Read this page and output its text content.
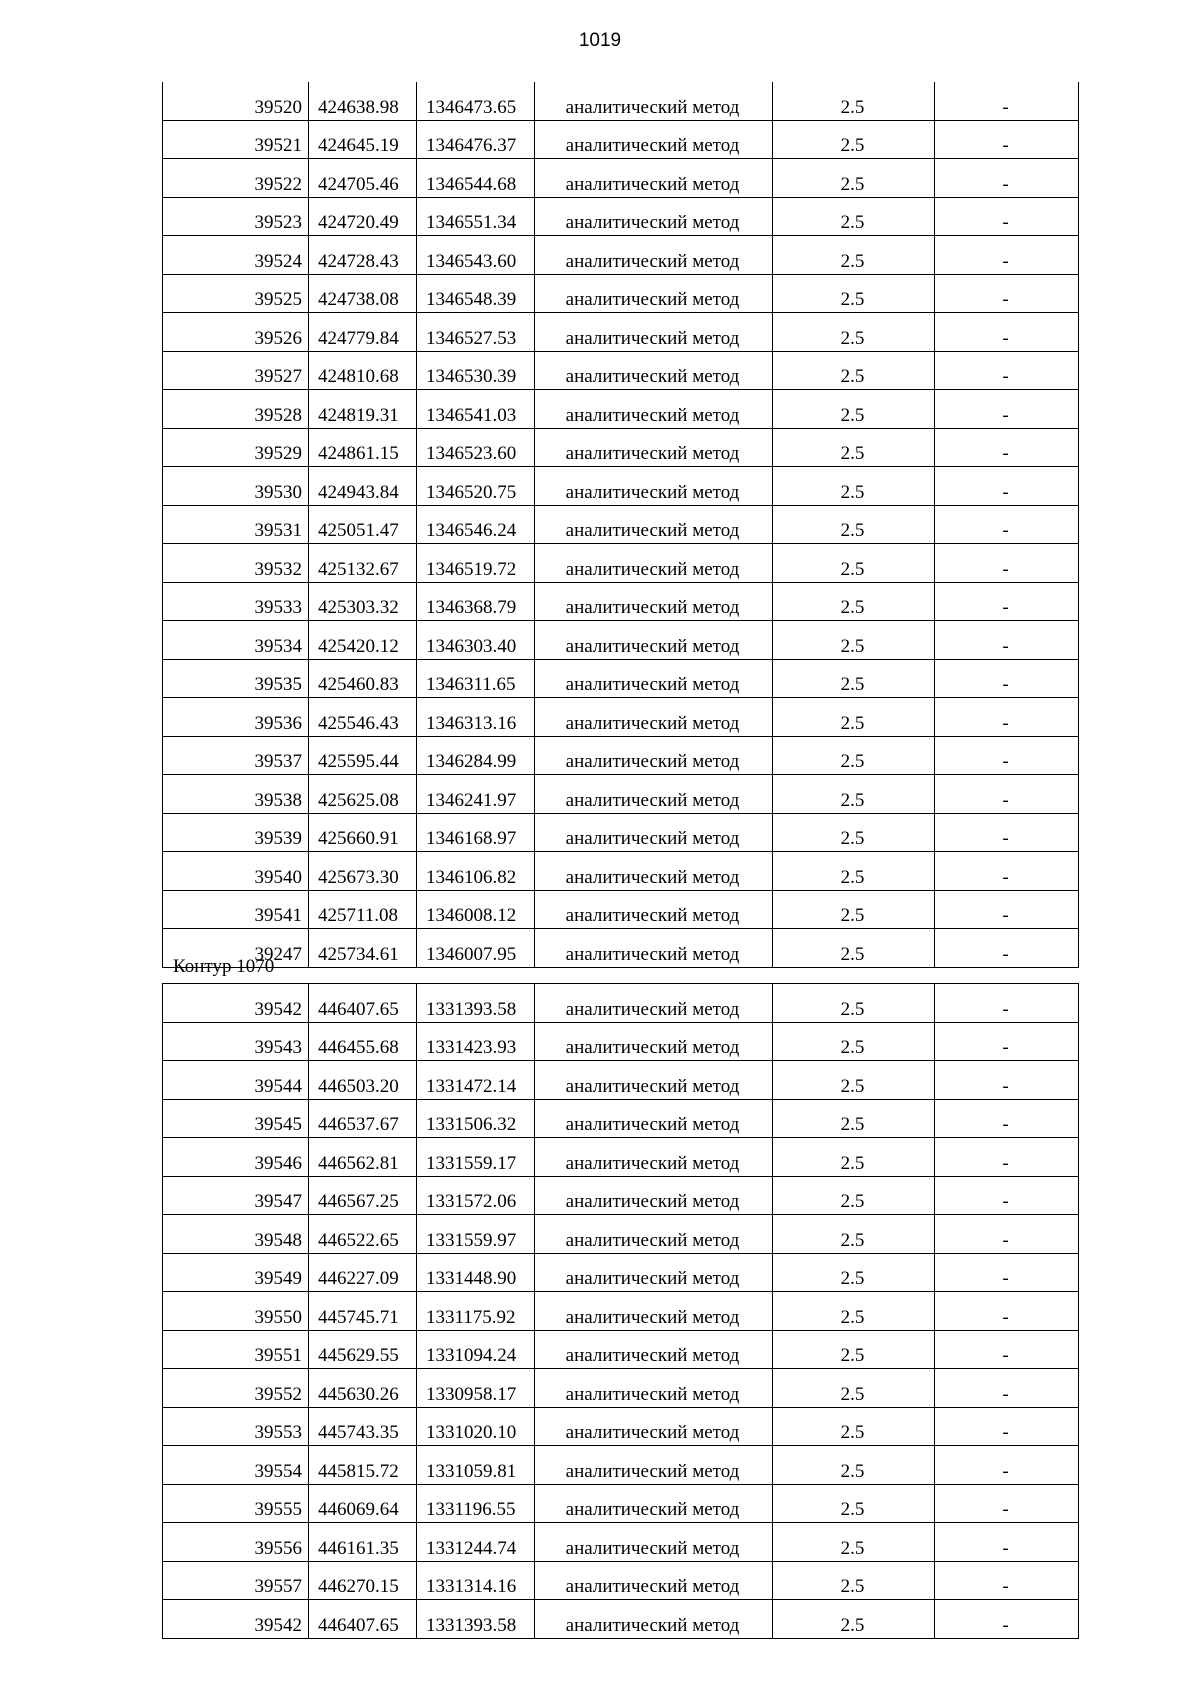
1019
39520	424638.98	1346473.65	аналитический метод	2.5	-
39521	424645.19	1346476.37	аналитический метод	2.5	-
39522	424705.46	1346544.68	аналитический метод	2.5	-
39523	424720.49	1346551.34	аналитический метод	2.5	-
39524	424728.43	1346543.60	аналитический метод	2.5	-
39525	424738.08	1346548.39	аналитический метод	2.5	-
39526	424779.84	1346527.53	аналитический метод	2.5	-
39527	424810.68	1346530.39	аналитический метод	2.5	-
39528	424819.31	1346541.03	аналитический метод	2.5	-
39529	424861.15	1346523.60	аналитический метод	2.5	-
39530	424943.84	1346520.75	аналитический метод	2.5	-
39531	425051.47	1346546.24	аналитический метод	2.5	-
39532	425132.67	1346519.72	аналитический метод	2.5	-
39533	425303.32	1346368.79	аналитический метод	2.5	-
39534	425420.12	1346303.40	аналитический метод	2.5	-
39535	425460.83	1346311.65	аналитический метод	2.5	-
39536	425546.43	1346313.16	аналитический метод	2.5	-
39537	425595.44	1346284.99	аналитический метод	2.5	-
39538	425625.08	1346241.97	аналитический метод	2.5	-
39539	425660.91	1346168.97	аналитический метод	2.5	-
39540	425673.30	1346106.82	аналитический метод	2.5	-
39541	425711.08	1346008.12	аналитический метод	2.5	-
39247	425734.61	1346007.95	аналитический метод	2.5	-
Контур 1070
39542	446407.65	1331393.58	аналитический метод	2.5	-
39543	446455.68	1331423.93	аналитический метод	2.5	-
39544	446503.20	1331472.14	аналитический метод	2.5	-
39545	446537.67	1331506.32	аналитический метод	2.5	-
39546	446562.81	1331559.17	аналитический метод	2.5	-
39547	446567.25	1331572.06	аналитический метод	2.5	-
39548	446522.65	1331559.97	аналитический метод	2.5	-
39549	446227.09	1331448.90	аналитический метод	2.5	-
39550	445745.71	1331175.92	аналитический метод	2.5	-
39551	445629.55	1331094.24	аналитический метод	2.5	-
39552	445630.26	1330958.17	аналитический метод	2.5	-
39553	445743.35	1331020.10	аналитический метод	2.5	-
39554	445815.72	1331059.81	аналитический метод	2.5	-
39555	446069.64	1331196.55	аналитический метод	2.5	-
39556	446161.35	1331244.74	аналитический метод	2.5	-
39557	446270.15	1331314.16	аналитический метод	2.5	-
39542	446407.65	1331393.58	аналитический метод	2.5	-
